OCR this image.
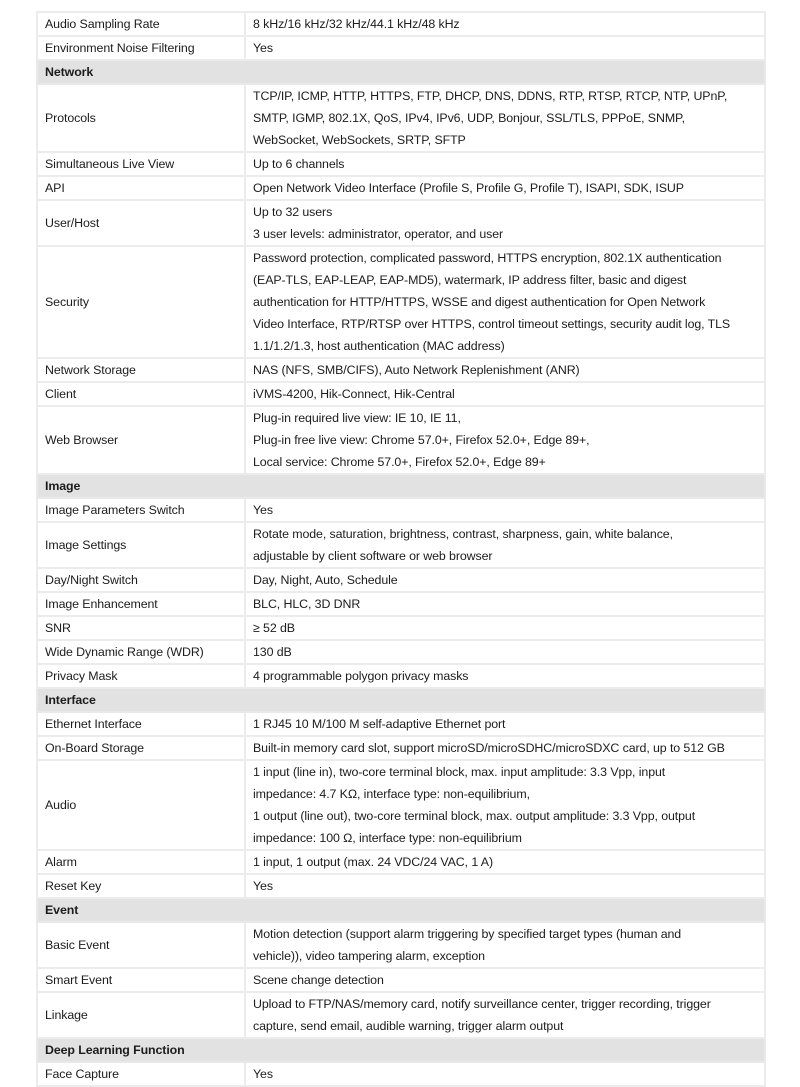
Audio Sampling Rate	8 kHz/16 kHz/32 kHz/44.1 kHz/48 kHz

Environment Noise Filtering	Yes

Network	
Protocols	TCP/IP, ICMP, HTTP, HTTPS, FTP, DHCP, DNS, DDNS, RTP, RTSP, RTCP, NTP, UPnP,
SMTP, IGMP, 802.1X, QoS, IPv4, IPv6, UDP, Bonjour, SSL/TLS, PPPoE, SNMP,
WebSocket, WebSockets, SRTP, SFTP

Simultaneous Live View	Up to 6 channels

API	Open Network Video Interface (Profile S, Profile G, Profile T), ISAPI, SDK, ISUP

User/Host	Up to 32 users
3 user levels: administrator, operator, and user

Security	Password protection, complicated password, HTTPS encryption, 802.1X authentication
(EAP-TLS, EAP-LEAP, EAP-MD5), watermark, IP address filter, basic and digest
authentication for HTTP/HTTPS, WSSE and digest authentication for Open Network
Video Interface, RTP/RTSP over HTTPS, control timeout settings, security audit log, TLS
1.1/1.2/1.3, host authentication (MAC address)

Network Storage	NAS (NFS, SMB/CIFS), Auto Network Replenishment (ANR)

Client	iVMS-4200, Hik-Connect, Hik-Central

Web Browser	Plug-in required live view: IE 10, IE 11,
Plug-in free live view: Chrome 57.0+, Firefox 52.0+, Edge 89+,
Local service: Chrome 57.0+, Firefox 52.0+, Edge 89+

Image	
Image Parameters Switch	Yes

Image Settings	Rotate mode, saturation, brightness, contrast, sharpness, gain, white balance,
adjustable by client software or web browser

Day/Night Switch	Day, Night, Auto, Schedule

Image Enhancement	BLC, HLC, 3D DNR

SNR	≥ 52 dB

Wide Dynamic Range (WDR)	130 dB

Privacy Mask	4 programmable polygon privacy masks

Interface	
Ethernet Interface	1 RJ45 10 M/100 M self-adaptive Ethernet port

On-Board Storage	Built-in memory card slot, support microSD/microSDHC/microSDXC card, up to 512 GB

Audio	1 input (line in), two-core terminal block, max. input amplitude: 3.3 Vpp, input
impedance: 4.7 KΩ, interface type: non-equilibrium,
1 output (line out), two-core terminal block, max. output amplitude: 3.3 Vpp, output
impedance: 100 Ω, interface type: non-equilibrium

Alarm	1 input, 1 output (max. 24 VDC/24 VAC, 1 A)

Reset Key	Yes

Event	
Basic Event	Motion detection (support alarm triggering by specified target types (human and
vehicle)), video tampering alarm, exception

Smart Event	Scene change detection

Linkage	Upload to FTP/NAS/memory card, notify surveillance center, trigger recording, trigger
capture, send email, audible warning, trigger alarm output

Deep Learning Function	
Face Capture	Yes
